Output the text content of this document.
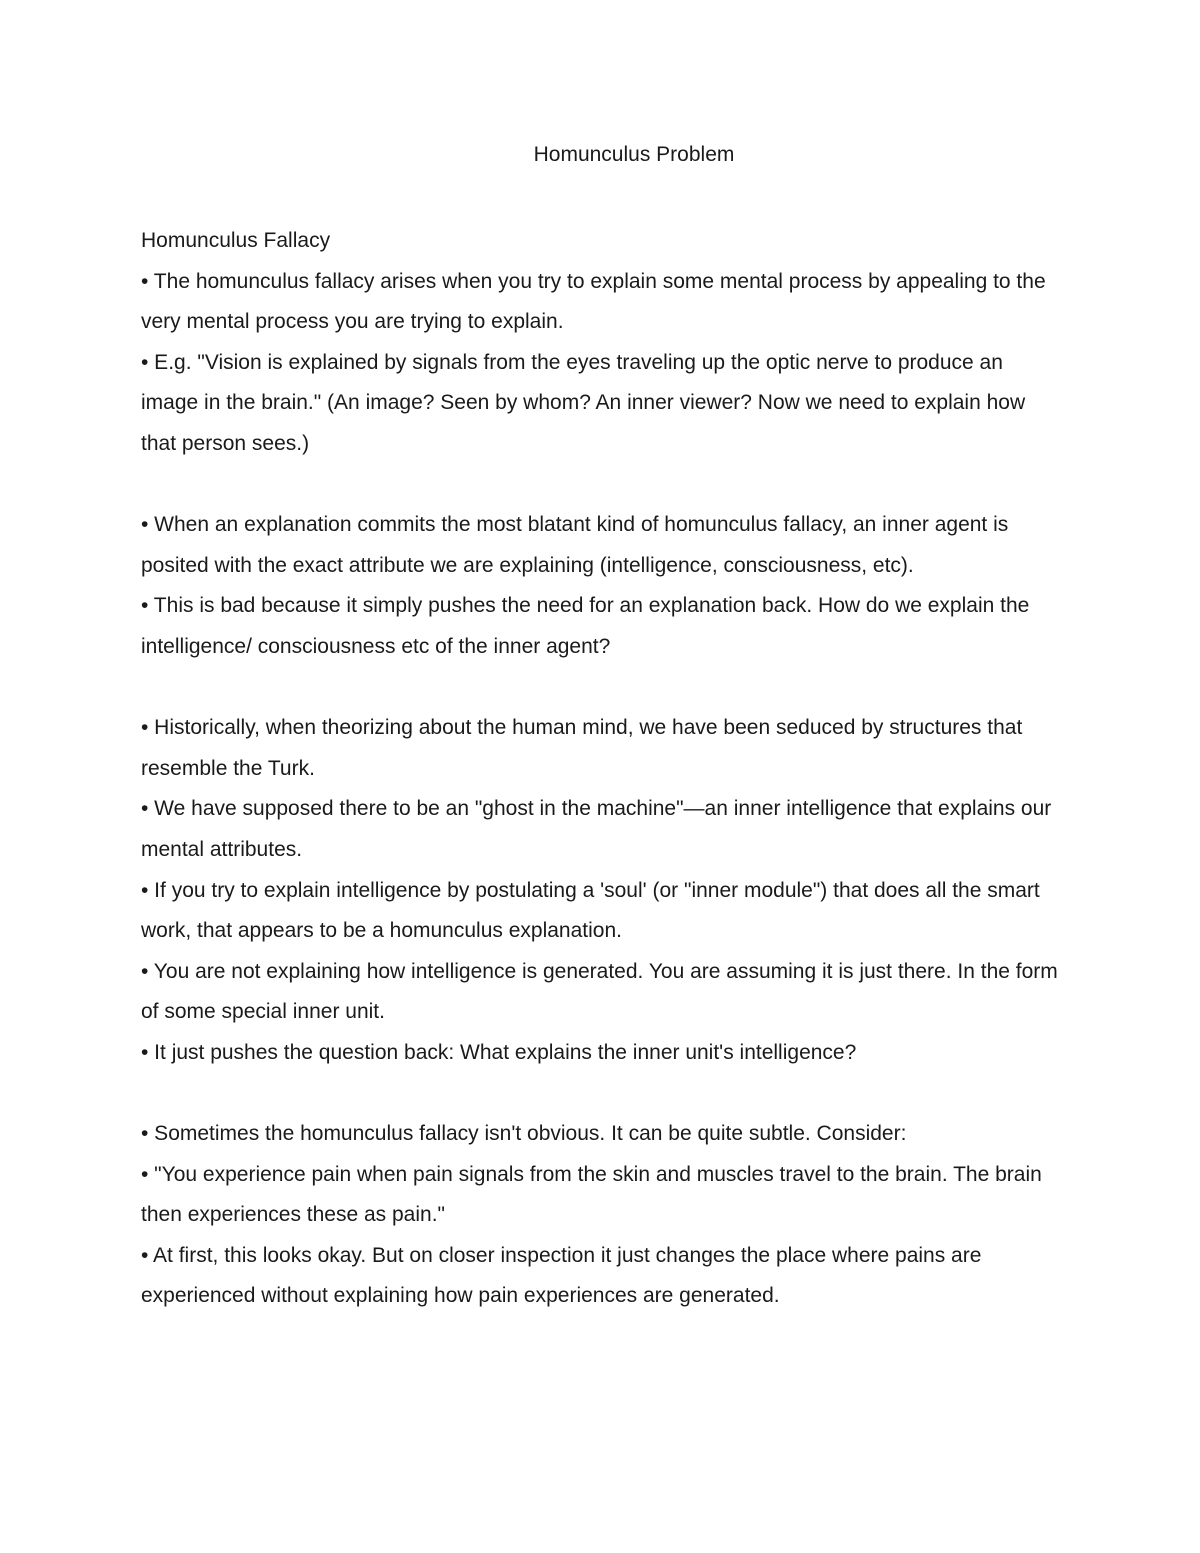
Homunculus Problem

Homunculus Fallacy

• The homunculus fallacy arises when you try to explain some mental process by appealing to the very mental process you are trying to explain.

• E.g. "Vision is explained by signals from the eyes traveling up the optic nerve to produce an image in the brain." (An image? Seen by whom? An inner viewer? Now we need to explain how that person sees.)

• When an explanation commits the most blatant kind of homunculus fallacy, an inner agent is posited with the exact attribute we are explaining (intelligence, consciousness, etc).

• This is bad because it simply pushes the need for an explanation back. How do we explain the intelligence/ consciousness etc of the inner agent?

• Historically, when theorizing about the human mind, we have been seduced by structures that resemble the Turk.

• We have supposed there to be an "ghost in the machine"—an inner intelligence that explains our mental attributes.

• If you try to explain intelligence by postulating a 'soul' (or "inner module") that does all the smart work, that appears to be a homunculus explanation.

• You are not explaining how intelligence is generated. You are assuming it is just there. In the form of some special inner unit.

• It just pushes the question back: What explains the inner unit's intelligence?

• Sometimes the homunculus fallacy isn't obvious. It can be quite subtle. Consider:

• "You experience pain when pain signals from the skin and muscles travel to the brain. The brain then experiences these as pain."

• At first, this looks okay. But on closer inspection it just changes the place where pains are experienced without explaining how pain experiences are generated.
